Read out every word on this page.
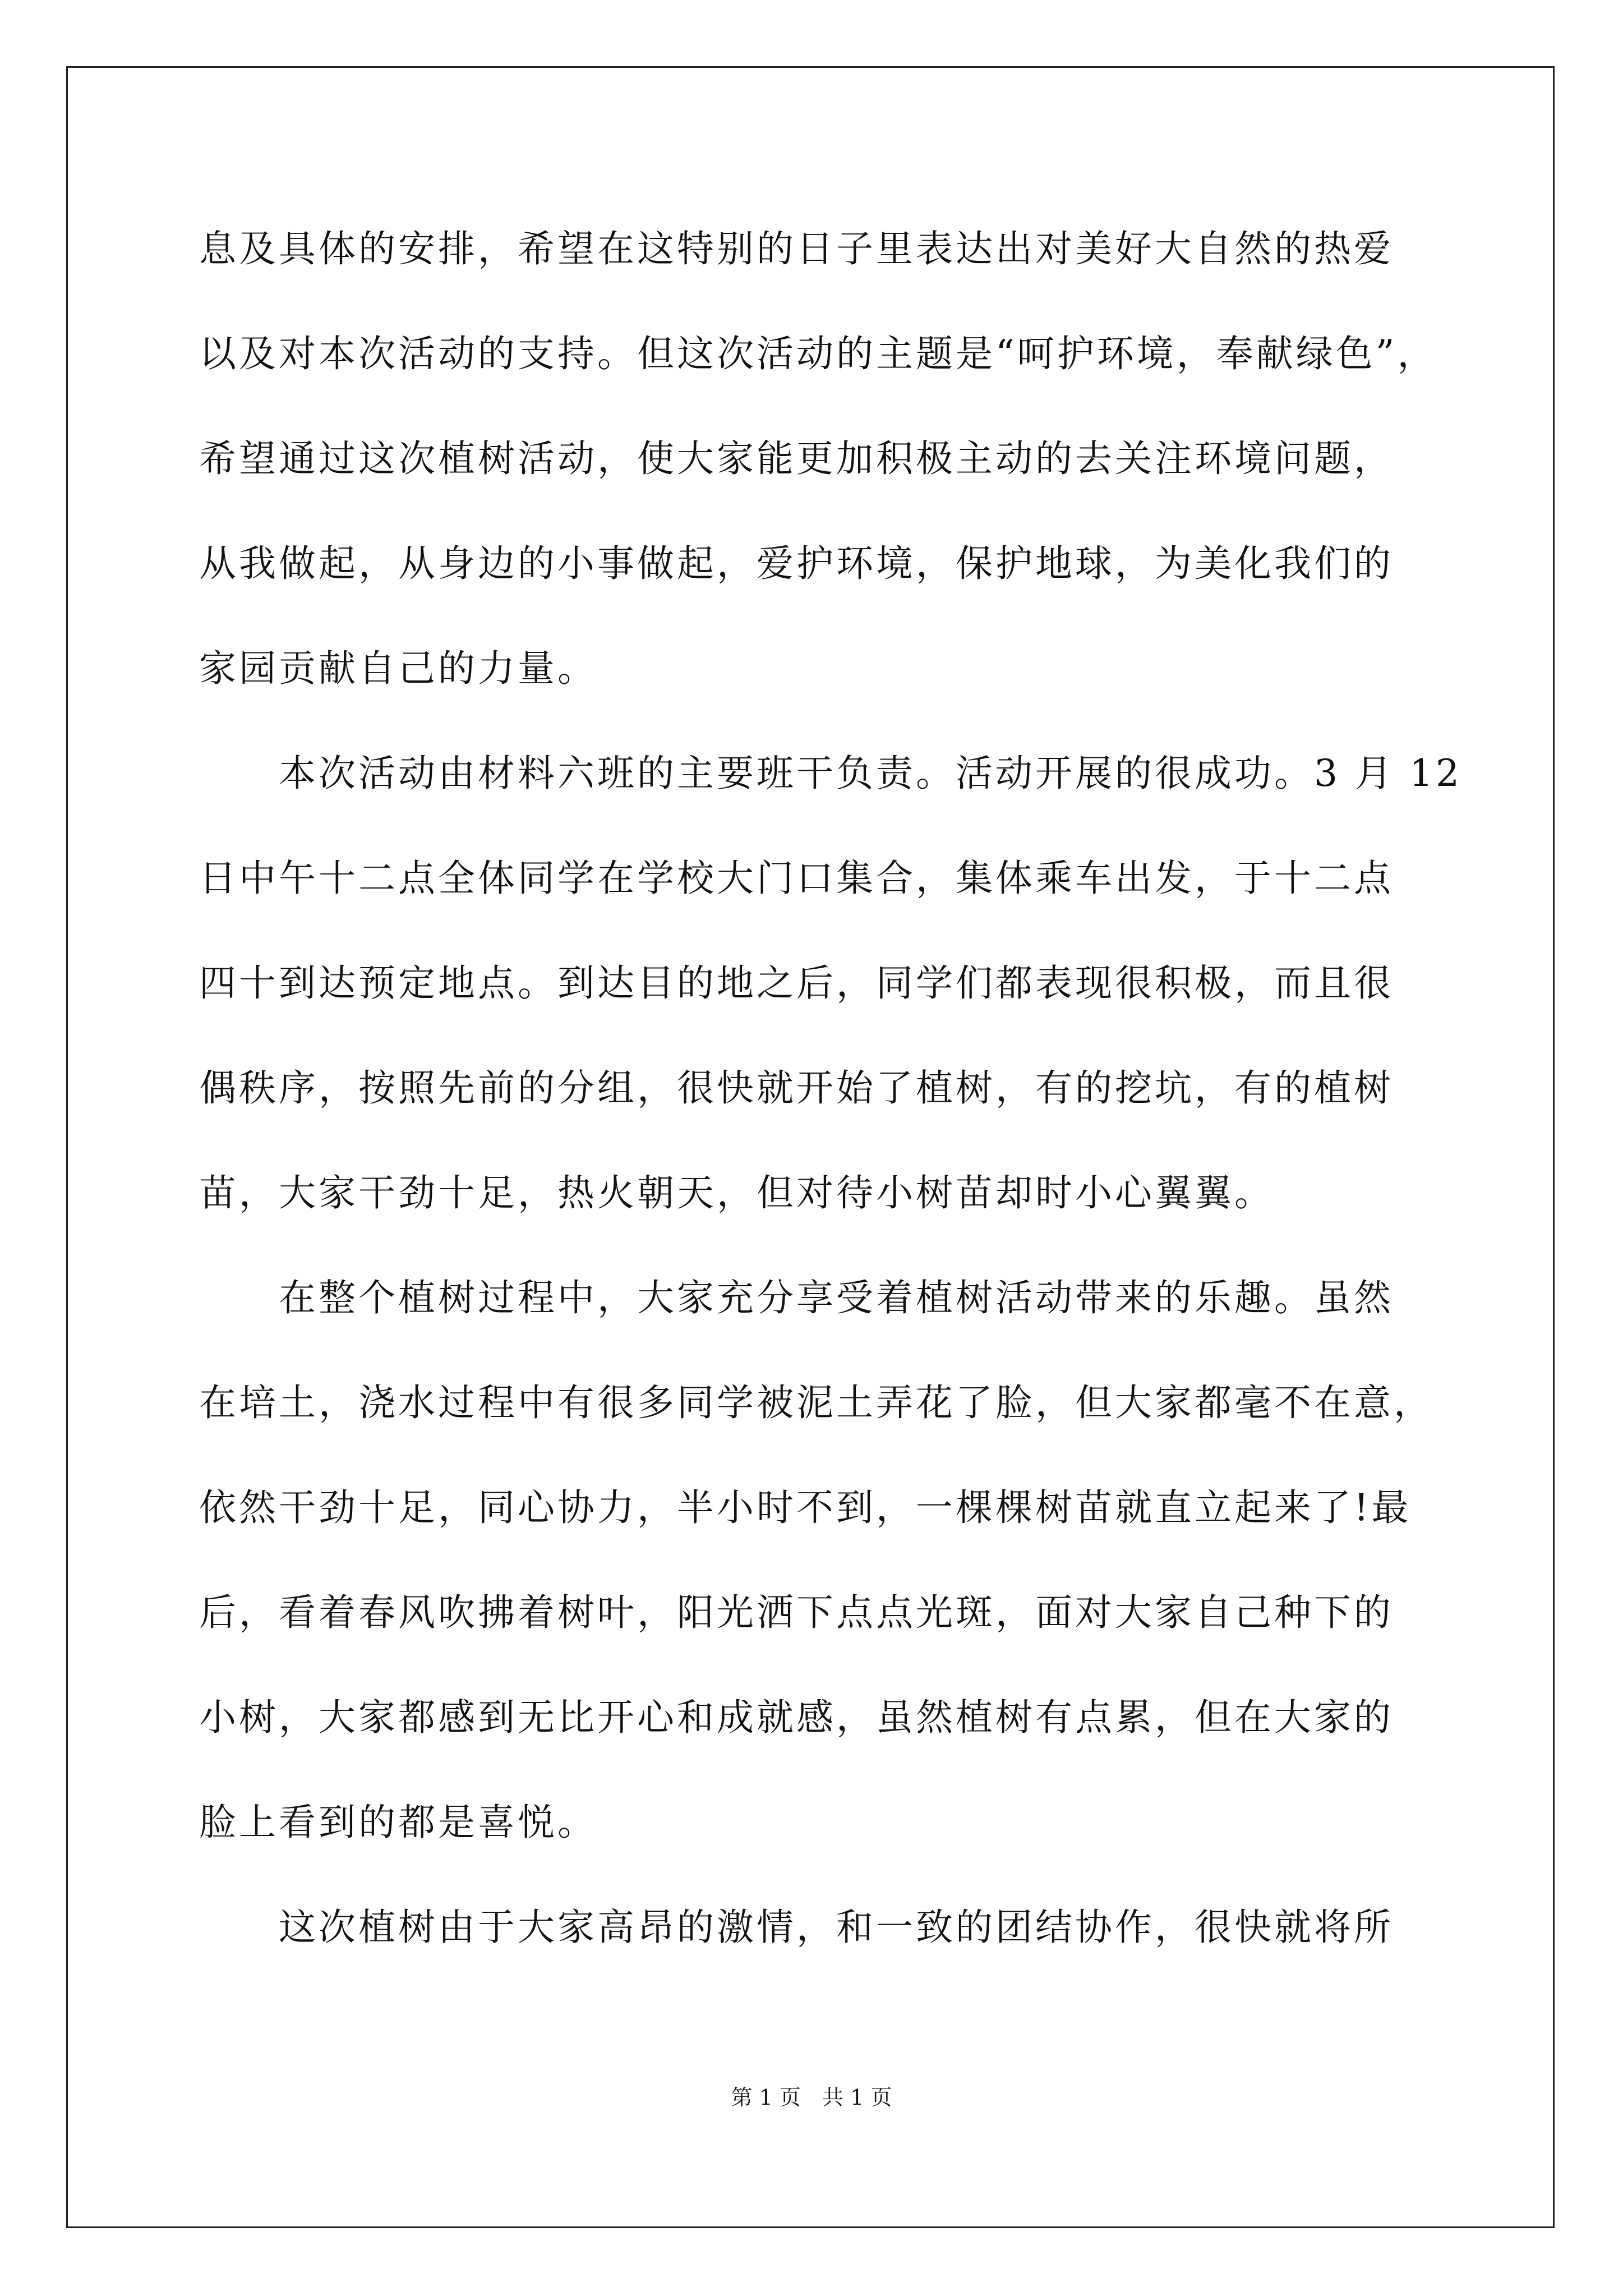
息及具体的安排，希望在这特别的日子里表达出对美好大自然的热爱
以及对本次活动的支持。但这次活动的主题是“呵护环境，奉献绿色”，
希望通过这次植树活动，使大家能更加积极主动的去关注环境问题，
从我做起，从身边的小事做起，爱护环境，保护地球，为美化我们的
家园贡献自己的力量。
　　本次活动由材料六班的主要班干负责。活动开展的很成功。3 月 12
日中午十二点全体同学在学校大门口集合，集体乘车出发，于十二点
四十到达预定地点。到达目的地之后，同学们都表现很积极，而且很
偶秩序，按照先前的分组，很快就开始了植树，有的挖坑，有的植树
苗，大家干劲十足，热火朝天，但对待小树苗却时小心翼翼。
　　在整个植树过程中，大家充分享受着植树活动带来的乐趣。虽然
在培土，浇水过程中有很多同学被泥土弄花了脸，但大家都毫不在意，
依然干劲十足，同心协力，半小时不到，一棵棵树苗就直立起来了!最
后，看着春风吹拂着树叶，阳光洒下点点光斑，面对大家自己种下的
小树，大家都感到无比开心和成就感，虽然植树有点累，但在大家的
脸上看到的都是喜悦。
　　这次植树由于大家高昂的激情，和一致的团结协作，很快就将所
第 1 页　共 1 页
